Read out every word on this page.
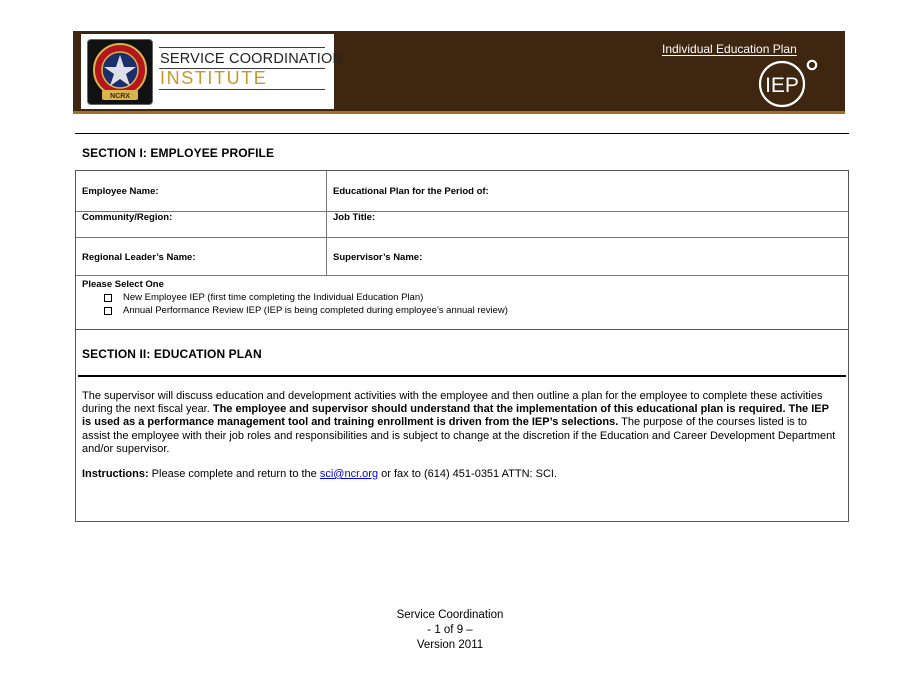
NCRX
SERVICE COORDINATION
INSTITUTE
Individual Education Plan
IEP
SECTION I: EMPLOYEE PROFILE
Employee Name:	Educational Plan for the Period of:
Community/Region:	Job Title:
Regional Leader’s Name:	Supervisor’s Name:
Please Select One
New Employee IEP (first time completing the Individual Education Plan)
Annual Performance Review IEP (IEP is being completed during employee’s annual review)
SECTION II: EDUCATION PLAN
The supervisor will discuss education and development activities with the employee and then outline a plan for the employee to complete these activities during the next fiscal year. The employee and supervisor should understand that the implementation of this educational plan is required. The IEP is used as a performance management tool and training enrollment is driven from the IEP’s selections. The purpose of the courses listed is to assist the employee with their job roles and responsibilities and is subject to change at the discretion if the Education and Career Development Department and/or supervisor.
Instructions: Please complete and return to the sci@ncr.org or fax to (614) 451-0351 ATTN: SCI.
Service Coordination
- 1 of 9 –
Version 2011
